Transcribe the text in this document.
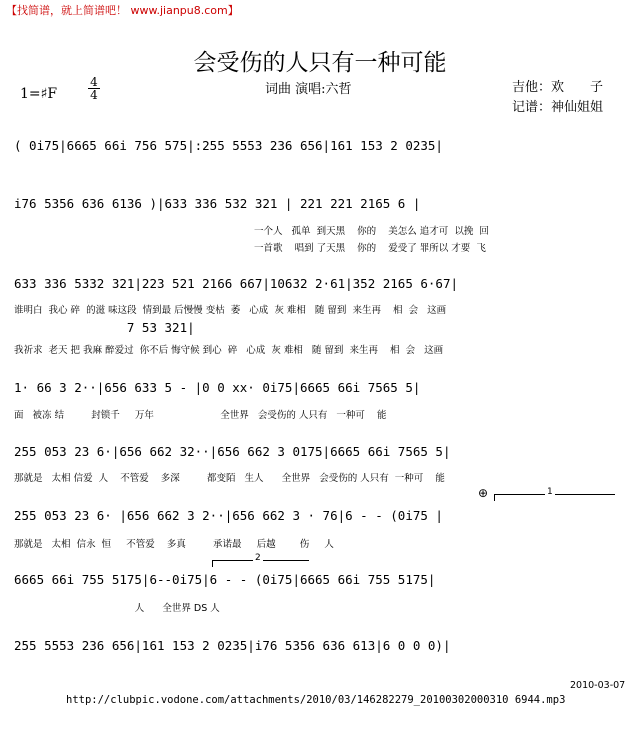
【找简谱，就上简谱吧！ www.jianpu8.com】
会受伤的人只有一种可能
词曲 演唱:六哲	吉他：欢　　子
记谱：神仙姐姐
1=♯F	$\frac{4}{4}$
( 0i75|6665 66i 756 575|:255 5553 236 656|161 153 2 0235|
i76 5356 636 6136 )|633 336 532 321 | 221 221 2165 6 |
一个人   孤单  到天黑    你的    美怎么 追才可  以挽  回
一首歌    唱到 了天黑    你的    爱受了 罪所以 才要  飞
633 336 5332 321|223 521 2166 667|10632 2·61|352 2165 6·67|
谁明白  我心 碎  的滋 味这段  情到最 后慢慢 变枯  萎   心成  灰 难相   随 留到  来生再    相  会   这画
7 53 321|
我祈求  老天 把 我麻 醉爱过  你不后 悔守候 到心  碎   心成  灰 难相   随 留到  来生再    相  会   这画
1· 66 3 2··|656 633 5 - |0 0 xx· 0i75|6665 66i 7565 5|
面   被冻 结         封锁千     万年                      全世界   会受伤的 人只有   一种可    能
255 053 23 6·|656 662 32··|656 662 3 0175|6665 66i 7565 5|
那就是   太相 信爱  人    不管爱    多深         都变陌   生人      全世界   会受伤的 人只有  一种可    能
⊕	1
255 053 23 6· |656 662 3 2··|656 662 3 · 76|6 - - (0i75 |
那就是   太相  信永  恒     不管爱    多真         承诺最     后越        伤     人
2
6665 66i 755 5175|6--0i75|6 - - (0i75|6665 66i 755 5175|
人      全世界 DS 人
255 5553 236 656|161 153 2 0235|i76 5356 636 613|6 0 0 0)|
2010-03-07
http://clubpic.vodone.com/attachments/2010/03/146282279_20100302000310 6944.mp3
